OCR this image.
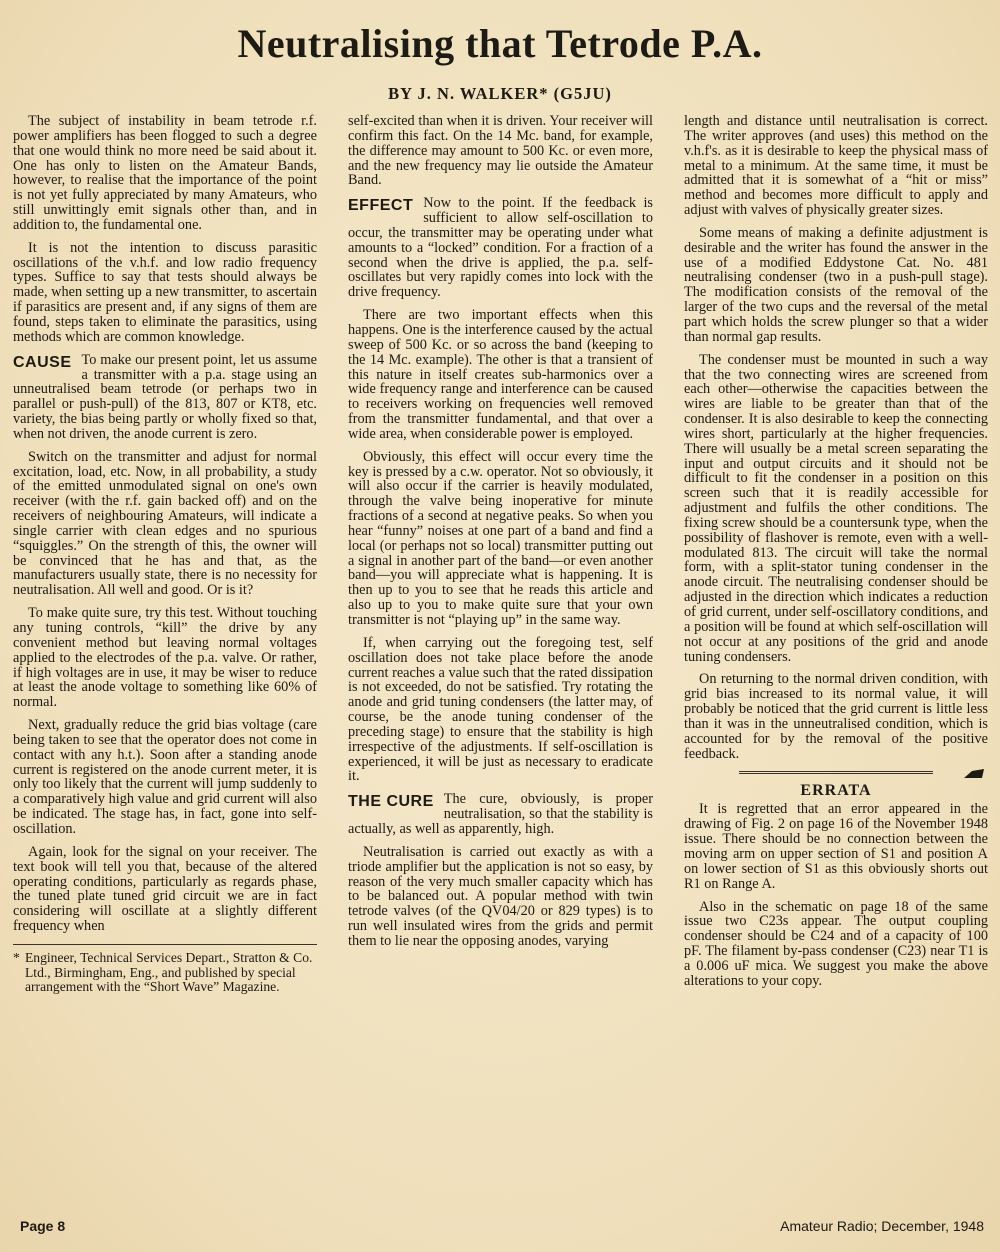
Neutralising that Tetrode P.A.
BY J. N. WALKER* (G5JU)

The subject of instability in beam tetrode r.f. power amplifiers has been flogged to such a degree that one would think no more need be said about it. One has only to listen on the Amateur Bands, however, to realise that the importance of the point is not yet fully appreciated by many Amateurs, who still unwittingly emit signals other than, and in addition to, the fundamental one.

It is not the intention to discuss parasitic oscillations of the v.h.f. and low radio frequency types. Suffice to say that tests should always be made, when setting up a new transmitter, to ascertain if parasitics are present and, if any signs of them are found, steps taken to eliminate the parasitics, using methods which are common knowledge.

CAUSE To make our present point, let us assume a transmitter with a p.a. stage using an unneutralised beam tetrode (or perhaps two in parallel or push-pull) of the 813, 807 or KT8, etc. variety, the bias being partly or wholly fixed so that, when not driven, the anode current is zero.

Switch on the transmitter and adjust for normal excitation, load, etc. Now, in all probability, a study of the emitted unmodulated signal on one's own receiver (with the r.f. gain backed off) and on the receivers of neighbouring Amateurs, will indicate a single carrier with clean edges and no spurious “squiggles.” On the strength of this, the owner will be convinced that he has and that, as the manufacturers usually state, there is no necessity for neutralisation. All well and good. Or is it?

To make quite sure, try this test. Without touching any tuning controls, “kill” the drive by any convenient method but leaving normal voltages applied to the electrodes of the p.a. valve. Or rather, if high voltages are in use, it may be wiser to reduce at least the anode voltage to something like 60% of normal.

Next, gradually reduce the grid bias voltage (care being taken to see that the operator does not come in contact with any h.t.). Soon after a standing anode current is registered on the anode current meter, it is only too likely that the current will jump suddenly to a comparatively high value and grid current will also be indicated. The stage has, in fact, gone into self-oscillation.

Again, look for the signal on your receiver. The text book will tell you that, because of the altered operating conditions, particularly as regards phase, the tuned plate tuned grid circuit we are in fact considering will oscillate at a slightly different frequency when

* Engineer, Technical Services Depart., Stratton & Co. Ltd., Birmingham, Eng., and published by special arrangement with the “Short Wave” Magazine.

self-excited than when it is driven. Your receiver will confirm this fact. On the 14 Mc. band, for example, the difference may amount to 500 Kc. or even more, and the new frequency may lie outside the Amateur Band.

EFFECT Now to the point. If the feedback is sufficient to allow self-oscillation to occur, the transmitter may be operating under what amounts to a “locked” condition. For a fraction of a second when the drive is applied, the p.a. self-oscillates but very rapidly comes into lock with the drive frequency.

There are two important effects when this happens. One is the interference caused by the actual sweep of 500 Kc. or so across the band (keeping to the 14 Mc. example). The other is that a transient of this nature in itself creates sub-harmonics over a wide frequency range and interference can be caused to receivers working on frequencies well removed from the transmitter fundamental, and that over a wide area, when considerable power is employed.

Obviously, this effect will occur every time the key is pressed by a c.w. operator. Not so obviously, it will also occur if the carrier is heavily modulated, through the valve being inoperative for minute fractions of a second at negative peaks. So when you hear “funny” noises at one part of a band and find a local (or perhaps not so local) transmitter putting out a signal in another part of the band—or even another band—you will appreciate what is happening. It is then up to you to see that he reads this article and also up to you to make quite sure that your own transmitter is not “playing up” in the same way.

If, when carrying out the foregoing test, self oscillation does not take place before the anode current reaches a value such that the rated dissipation is not exceeded, do not be satisfied. Try rotating the anode and grid tuning condensers (the latter may, of course, be the anode tuning condenser of the preceding stage) to ensure that the stability is high irrespective of the adjustments. If self-oscillation is experienced, it will be just as necessary to eradicate it.

THE CURE The cure, obviously, is proper neutralisation, so that the stability is actually, as well as apparently, high.

Neutralisation is carried out exactly as with a triode amplifier but the application is not so easy, by reason of the very much smaller capacity which has to be balanced out. A popular method with twin tetrode valves (of the QV04/20 or 829 types) is to run well insulated wires from the grids and permit them to lie near the opposing anodes, varying

length and distance until neutralisation is correct. The writer approves (and uses) this method on the v.h.f's. as it is desirable to keep the physical mass of metal to a minimum. At the same time, it must be admitted that it is somewhat of a “hit or miss” method and becomes more difficult to apply and adjust with valves of physically greater sizes.

Some means of making a definite adjustment is desirable and the writer has found the answer in the use of a modified Eddystone Cat. No. 481 neutralising condenser (two in a push-pull stage). The modification consists of the removal of the larger of the two cups and the reversal of the metal part which holds the screw plunger so that a wider than normal gap results.

The condenser must be mounted in such a way that the two connecting wires are screened from each other—otherwise the capacities between the wires are liable to be greater than that of the condenser. It is also desirable to keep the connecting wires short, particularly at the higher frequencies. There will usually be a metal screen separating the input and output circuits and it should not be difficult to fit the condenser in a position on this screen such that it is readily accessible for adjustment and fulfils the other conditions. The fixing screw should be a countersunk type, when the possibility of flashover is remote, even with a well-modulated 813. The circuit will take the normal form, with a split-stator tuning condenser in the anode circuit. The neutralising condenser should be adjusted in the direction which indicates a reduction of grid current, under self-oscillatory conditions, and a position will be found at which self-oscillation will not occur at any positions of the grid and anode tuning condensers.

On returning to the normal driven condition, with grid bias increased to its normal value, it will probably be noticed that the grid current is little less than it was in the unneutralised condition, which is accounted for by the removal of the positive feedback.

ERRATA

It is regretted that an error appeared in the drawing of Fig. 2 on page 16 of the November 1948 issue. There should be no connection between the moving arm on upper section of S1 and position A on lower section of S1 as this obviously shorts out R1 on Range A.

Also in the schematic on page 18 of the same issue two C23s appear. The output coupling condenser should be C24 and of a capacity of 100 pF. The filament by-pass condenser (C23) near T1 is a 0.006 uF mica. We suggest you make the above alterations to your copy.

Page 8	Amateur Radio; December, 1948
